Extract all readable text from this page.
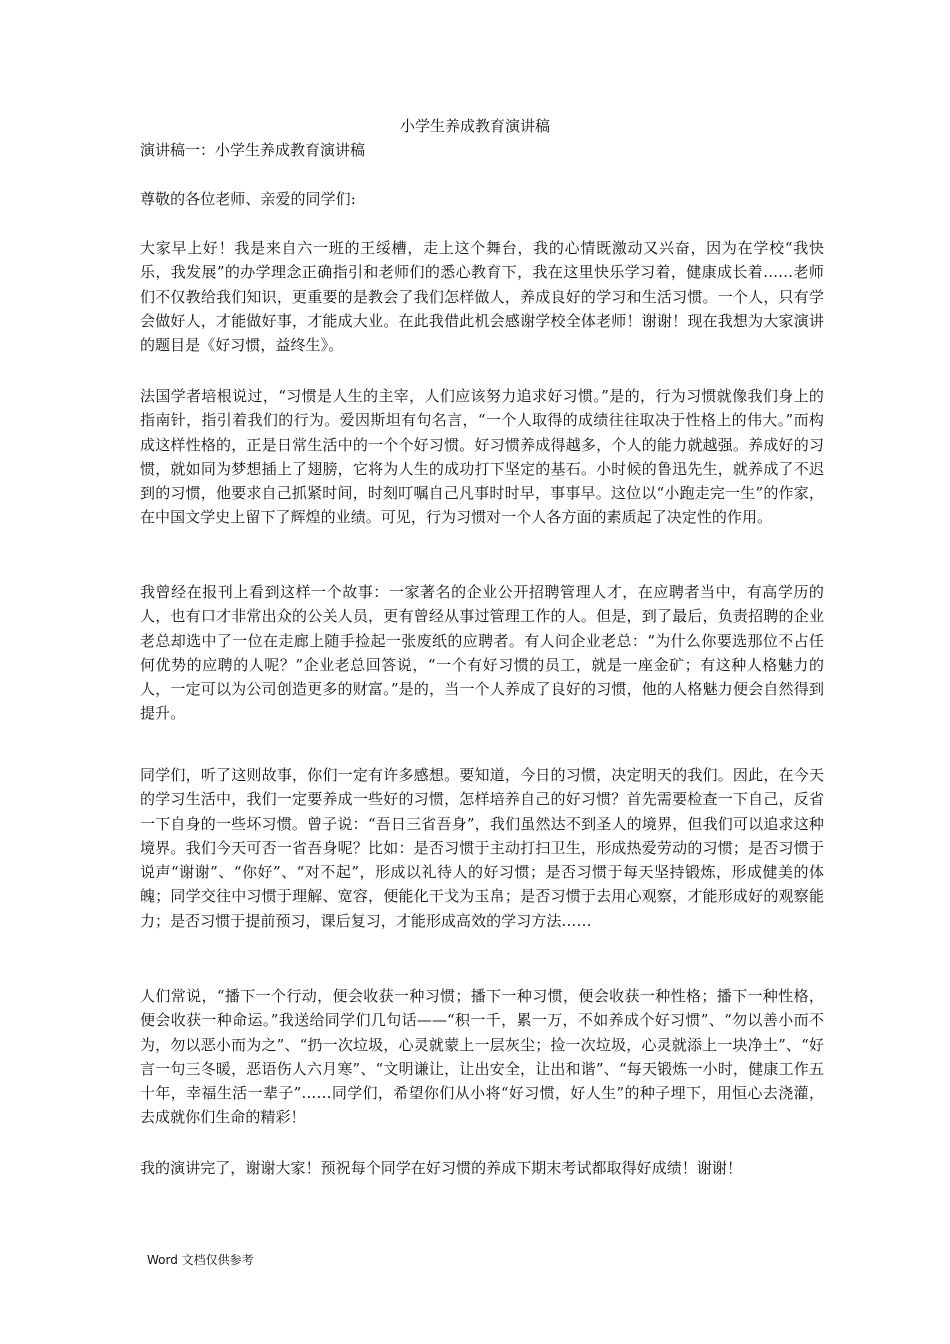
小学生养成教育演讲稿
演讲稿一：小学生养成教育演讲稿
尊敬的各位老师、亲爱的同学们:
大家早上好！我是来自六一班的王绥槽，走上这个舞台，我的心情既激动又兴奋，因为在学校“我快乐，我发展”的办学理念正确指引和老师们的悉心教育下，我在这里快乐学习着，健康成长着……老师们不仅教给我们知识，更重要的是教会了我们怎样做人，养成良好的学习和生活习惯。一个人，只有学会做好人，才能做好事，才能成大业。在此我借此机会感谢学校全体老师！谢谢！现在我想为大家演讲的题目是《好习惯，益终生》。
法国学者培根说过，“习惯是人生的主宰，人们应该努力追求好习惯。”是的，行为习惯就像我们身上的指南针，指引着我们的行为。爱因斯坦有句名言，“一个人取得的成绩往往取决于性格上的伟大。”而构成这样性格的，正是日常生活中的一个个好习惯。好习惯养成得越多，个人的能力就越强。养成好的习惯，就如同为梦想插上了翅膀，它将为人生的成功打下坚定的基石。小时候的鲁迅先生，就养成了不迟到的习惯，他要求自己抓紧时间，时刻叮嘱自己凡事时时早，事事早。这位以“小跑走完一生”的作家，在中国文学史上留下了辉煌的业绩。可见，行为习惯对一个人各方面的素质起了决定性的作用。
我曾经在报刊上看到这样一个故事：一家著名的企业公开招聘管理人才，在应聘者当中，有高学历的人，也有口才非常出众的公关人员，更有曾经从事过管理工作的人。但是，到了最后，负责招聘的企业老总却选中了一位在走廊上随手捡起一张废纸的应聘者。有人问企业老总：“为什么你要选那位不占任何优势的应聘的人呢？”企业老总回答说，“一个有好习惯的员工，就是一座金矿；有这种人格魅力的人，一定可以为公司创造更多的财富。”是的，当一个人养成了良好的习惯，他的人格魅力便会自然得到提升。
同学们，听了这则故事，你们一定有许多感想。要知道，今日的习惯，决定明天的我们。因此，在今天的学习生活中，我们一定要养成一些好的习惯，怎样培养自己的好习惯？首先需要检查一下自己，反省一下自身的一些坏习惯。曾子说：“吾日三省吾身”，我们虽然达不到圣人的境界，但我们可以追求这种境界。我们今天可否一省吾身呢？比如：是否习惯于主动打扫卫生，形成热爱劳动的习惯；是否习惯于说声“谢谢”、“你好”、“对不起”，形成以礼待人的好习惯；是否习惯于每天坚持锻炼，形成健美的体魄；同学交往中习惯于理解、宽容，便能化干戈为玉帛；是否习惯于去用心观察，才能形成好的观察能力；是否习惯于提前预习，课后复习，才能形成高效的学习方法……
人们常说，“播下一个行动，便会收获一种习惯；播下一种习惯，便会收获一种性格；播下一种性格，便会收获一种命运。”我送给同学们几句话——“积一千，累一万，不如养成个好习惯”、“勿以善小而不为，勿以恶小而为之”、“扔一次垃圾，心灵就蒙上一层灰尘；捡一次垃圾，心灵就添上一块净土”、“好言一句三冬暖，恶语伤人六月寒”、“文明谦让，让出安全，让出和谐”、“每天锻炼一小时，健康工作五十年，幸福生活一辈子”……同学们，希望你们从小将“好习惯，好人生”的种子埋下，用恒心去浇灌，去成就你们生命的精彩！
我的演讲完了，谢谢大家！预祝每个同学在好习惯的养成下期末考试都取得好成绩！谢谢！
Word 文档仅供参考
